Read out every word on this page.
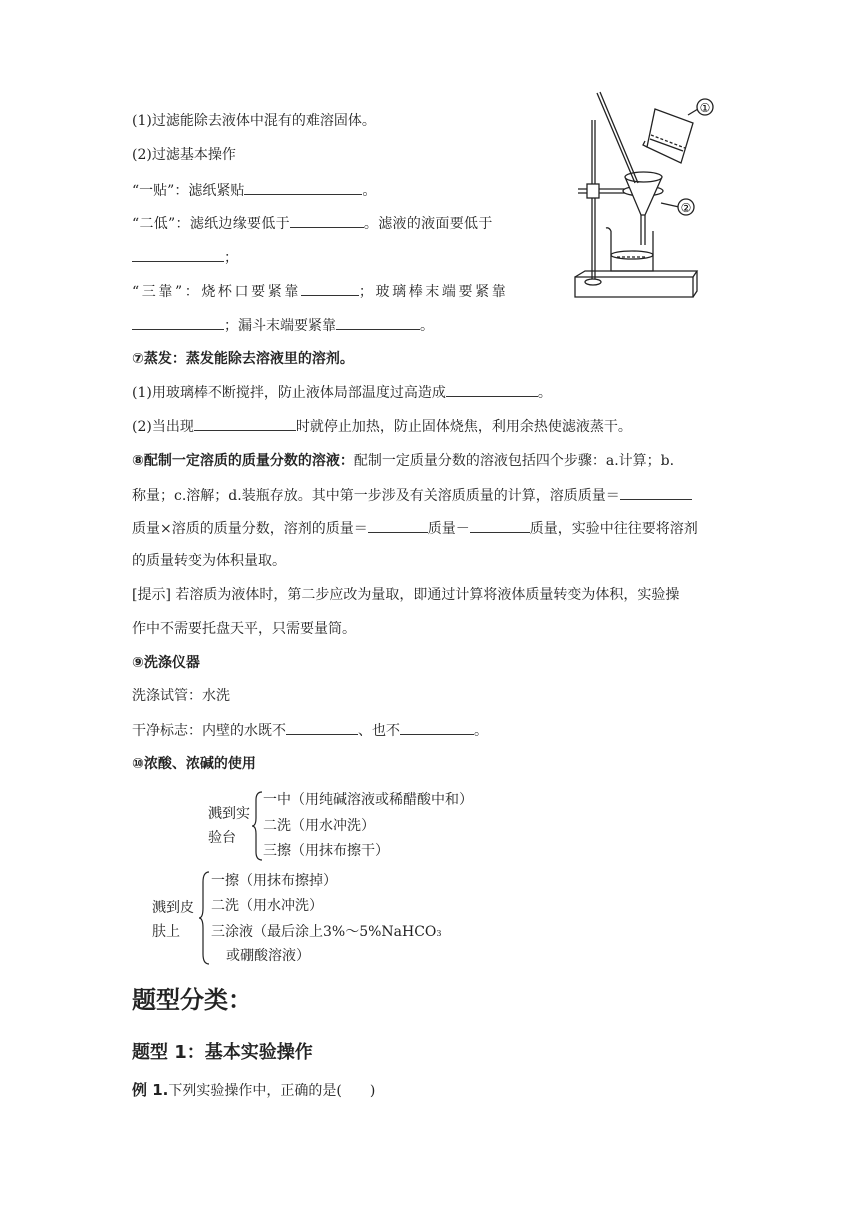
(1)过滤能除去液体中混有的难溶固体。
(2)过滤基本操作
“一贴”：滤纸紧贴	。
“二低”：滤纸边缘要低于	。滤液的液面要低于
；
“三靠”：烧杯口要紧靠	；玻璃棒末端要紧靠
；漏斗末端要紧靠	。
①
②
⑦蒸发：蒸发能除去溶液里的溶剂。
(1)用玻璃棒不断搅拌，防止液体局部温度过高造成	。
(2)当出现	时就停止加热，防止固体烧焦，利用余热使滤液蒸干。
⑧配制一定溶质的质量分数的溶液：配制一定质量分数的溶液包括四个步骤：a.计算；b.
称量；c.溶解；d.装瓶存放。其中第一步涉及有关溶质质量的计算，溶质质量＝
质量×溶质的质量分数，溶剂的质量＝	质量－	质量，实验中往往要将溶剂
的质量转变为体积量取。
[提示] 若溶质为液体时，第二步应改为量取，即通过计算将液体质量转变为体积，实验操
作中不需要托盘天平，只需要量筒。
⑨洗涤仪器
洗涤试管：水洗
干净标志：内壁的水既不	、也不	。
⑩浓酸、浓碱的使用
溅到实
验台
一中（用纯碱溶液或稀醋酸中和）
二洗（用水冲洗）
三擦（用抹布擦干）
溅到皮
肤上
一擦（用抹布擦掉）
二洗（用水冲洗）
三涂液（最后涂上3%～5%NaHCO3
或硼酸溶液）
题型分类：
题型 1：基本实验操作
例 1.下列实验操作中，正确的是(　　)
